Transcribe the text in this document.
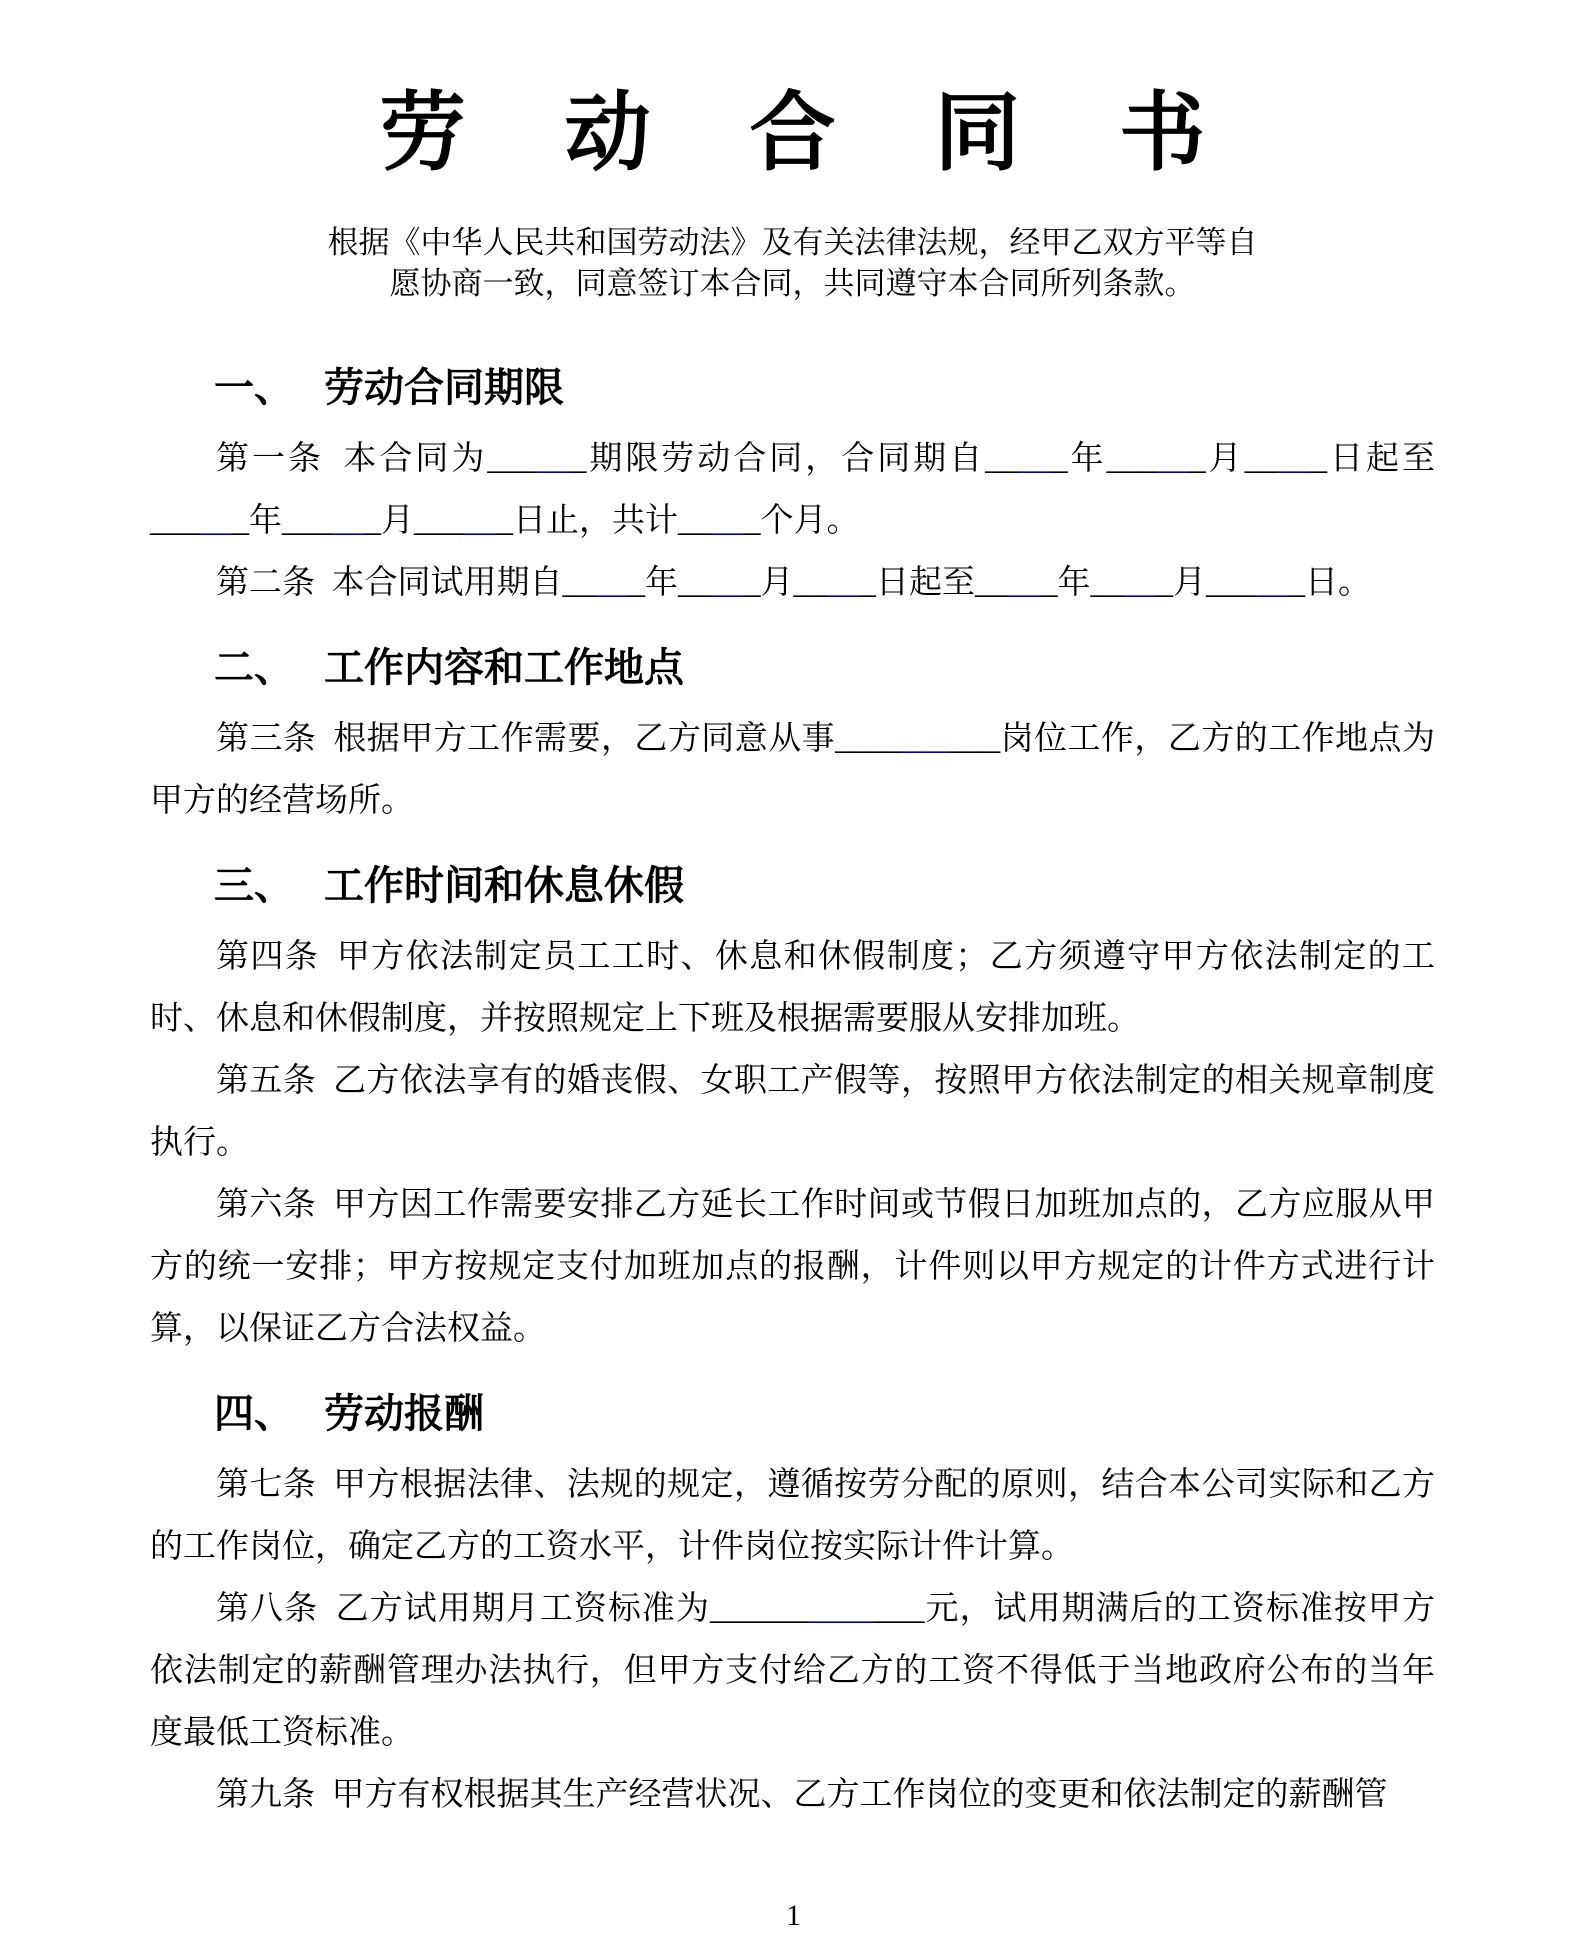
劳 动 合 同 书

根据《中华人民共和国劳动法》及有关法律法规，经甲乙双方平等自愿协商一致，同意签订本合同，共同遵守本合同所列条款。

一、 劳动合同期限

第一条 本合同为______期限劳动合同，合同期自_____年______月_____日起至______年______月______日止，共计_____个月。

第二条 本合同试用期自_____年_____月_____日起至_____年_____月______日。

二、 工作内容和工作地点

第三条 根据甲方工作需要，乙方同意从事__________岗位工作，乙方的工作地点为甲方的经营场所。

三、 工作时间和休息休假

第四条 甲方依法制定员工工时、休息和休假制度；乙方须遵守甲方依法制定的工时、休息和休假制度，并按照规定上下班及根据需要服从安排加班。

第五条 乙方依法享有的婚丧假、女职工产假等，按照甲方依法制定的相关规章制度执行。

第六条 甲方因工作需要安排乙方延长工作时间或节假日加班加点的，乙方应服从甲方的统一安排；甲方按规定支付加班加点的报酬，计件则以甲方规定的计件方式进行计算，以保证乙方合法权益。

四、 劳动报酬

第七条 甲方根据法律、法规的规定，遵循按劳分配的原则，结合本公司实际和乙方的工作岗位，确定乙方的工资水平，计件岗位按实际计件计算。

第八条 乙方试用期月工资标准为_____________元，试用期满后的工资标准按甲方依法制定的薪酬管理办法执行，但甲方支付给乙方的工资不得低于当地政府公布的当年度最低工资标准。

第九条 甲方有权根据其生产经营状况、乙方工作岗位的变更和依法制定的薪酬管

1
